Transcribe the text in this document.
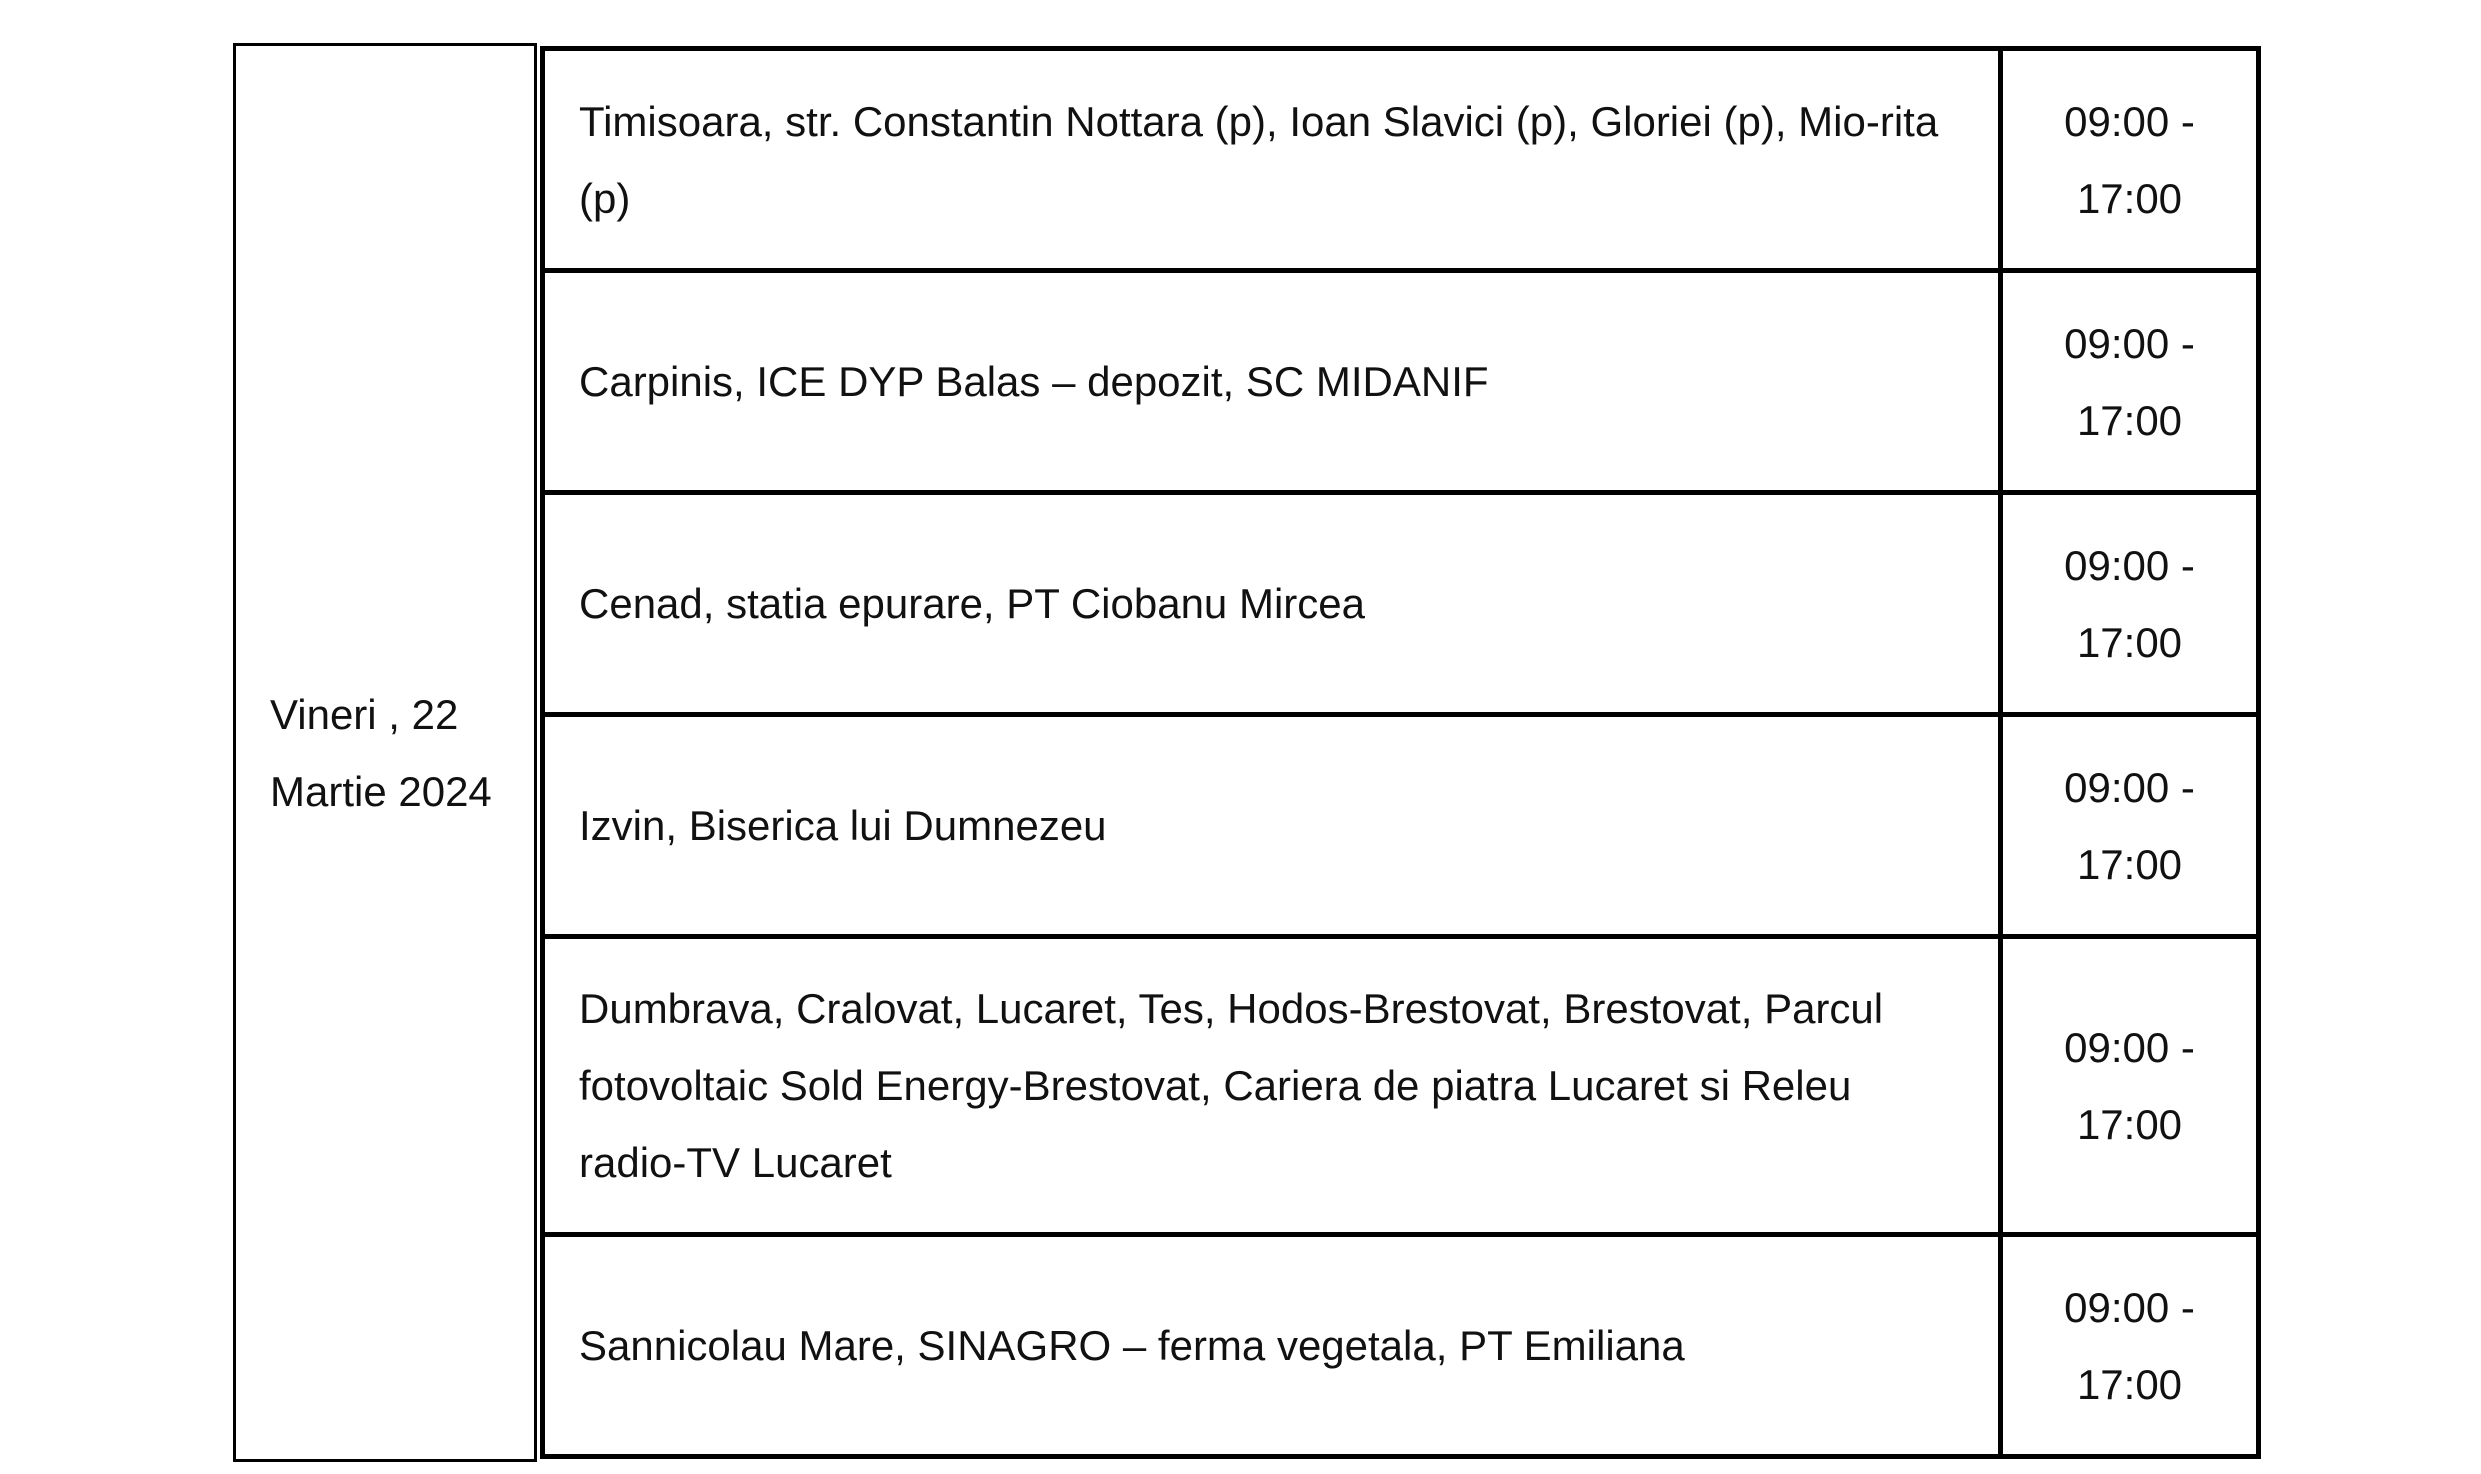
Vineri , 22
Martie 2024
Timisoara, str. Constantin Nottara (p), Ioan Slavici (p), Gloriei (p), Mio-rita (p)	09:00 -
17:00

Carpinis, ICE DYP Balas – depozit, SC MIDANIF	09:00 -
17:00

Cenad, statia epurare, PT Ciobanu Mircea	09:00 -
17:00

Izvin, Biserica lui Dumnezeu	09:00 -
17:00

Dumbrava, Cralovat, Lucaret, Tes, Hodos-Brestovat, Brestovat, Parcul fotovoltaic Sold Energy-Brestovat, Cariera de piatra Lucaret si Releu radio-TV Lucaret	09:00 -
17:00

Sannicolau Mare, SINAGRO – ferma vegetala, PT Emiliana	09:00 -
17:00
